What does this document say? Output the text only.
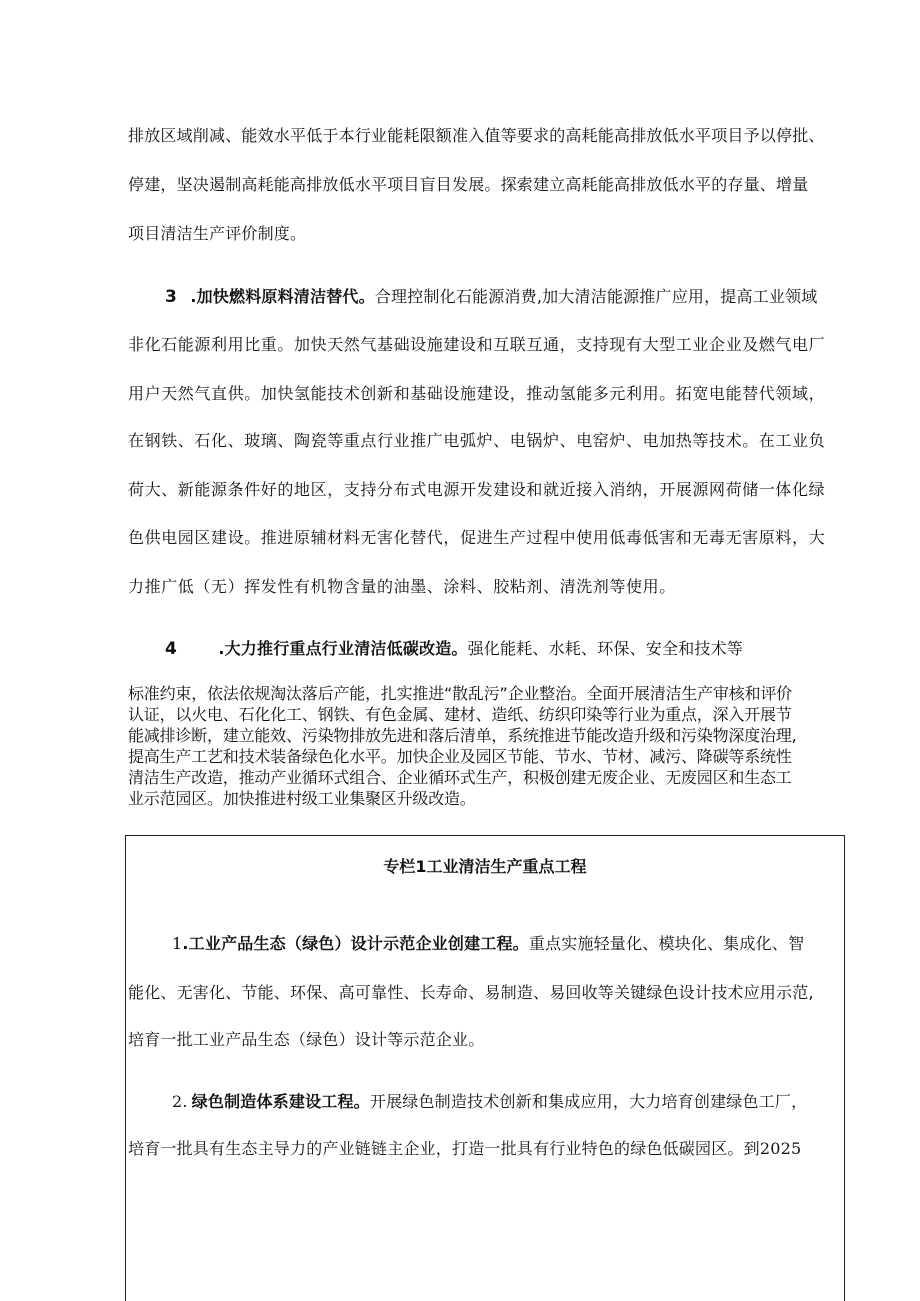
排放区域削减、能效水平低于本行业能耗限额准入值等要求的高耗能高排放低水平项目予以停批、
停建，坚决遏制高耗能高排放低水平项目盲目发展。探索建立高耗能高排放低水平的存量、增量
项目清洁生产评价制度。
3 .加快燃料原料清洁替代。合理控制化石能源消费,加大清洁能源推广应用，提高工业领域
非化石能源利用比重。加快天然气基础设施建设和互联互通，支持现有大型工业企业及燃气电厂
用户天然气直供。加快氢能技术创新和基础设施建设，推动氢能多元利用。拓宽电能替代领域，
在钢铁、石化、玻璃、陶瓷等重点行业推广电弧炉、电锅炉、电窑炉、电加热等技术。在工业负
荷大、新能源条件好的地区，支持分布式电源开发建设和就近接入消纳，开展源网荷储一体化绿
色供电园区建设。推进原辅材料无害化替代，促进生产过程中使用低毒低害和无毒无害原料，大
力推广低（无）挥发性有机物含量的油墨、涂料、胶粘剂、清洗剂等使用。
4	.大力推行重点行业清洁低碳改造。强化能耗、水耗、环保、安全和技术等
标准约束，依法依规淘汰落后产能，扎实推进“散乱污”企业整治。全面开展清洁生产审核和评价
认证，以火电、石化化工、钢铁、有色金属、建材、造纸、纺织印染等行业为重点，深入开展节
能减排诊断，建立能效、污染物排放先进和落后清单，系统推进节能改造升级和污染物深度治理,
提高生产工艺和技术装备绿色化水平。加快企业及园区节能、节水、节材、减污、降碳等系统性
清洁生产改造，推动产业循环式组合、企业循环式生产，积极创建无废企业、无废园区和生态工
业示范园区。加快推进村级工业集聚区升级改造。
专栏1工业清洁生产重点工程
1.工业产品生态（绿色）设计示范企业创建工程。重点实施轻量化、模块化、集成化、智
能化、无害化、节能、环保、高可靠性、长寿命、易制造、易回收等关键绿色设计技术应用示范,
培育一批工业产品生态（绿色）设计等示范企业。
2. 绿色制造体系建设工程。开展绿色制造技术创新和集成应用，大力培育创建绿色工厂，
培育一批具有生态主导力的产业链链主企业，打造一批具有行业特色的绿色低碳园区。到2025
